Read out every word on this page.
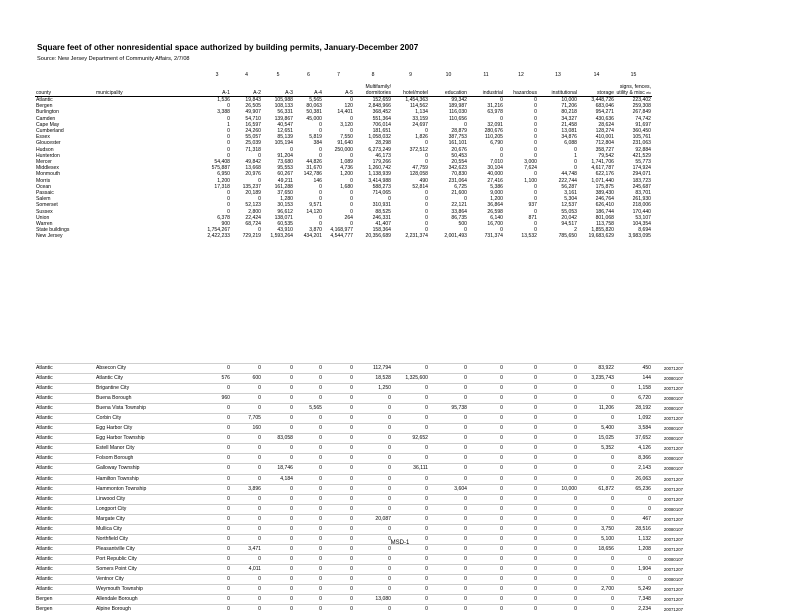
Square feet of other nonresidential space authorized by building permits, January-December 2007
Source: New Jersey Department of Community Affairs, 2/7/08
		3	4	5	6	7	8	9	10	11	12	13	14	15
county	municipality	A-1	A-2	A-3	A-4	A-5	Multifamily/ dormitories	hotel/motel	education	industrial	hazardous	institutional	storage	signs, fences, utility & misc etc
Atlantic		1,536	19,843	105,988	5,565	0	152,659	1,454,363	99,342	0	0	10,000	3,448,726	223,402
Bergen		0	26,505	108,133	80,063	120	2,848,966	114,562	189,987	31,216	0	71,206	683,046	259,308
Burlington		3,388	49,907	56,331	50,381	14,401	368,452	1,134	116,030	63,978	0	80,218	954,271	267,849
Camden		0	54,710	139,867	45,000	0	551,364	33,159	110,656	0	0	34,327	430,636	74,742
Cape May		1	16,597	40,547	0	3,120	706,014	24,697	0	32,091	0	21,458	28,624	91,697
Cumberland		0	24,260	12,651	0	0	181,651	0	28,879	280,676	0	13,081	128,274	360,450
Essex		0	55,057	85,139	5,819	7,550	1,058,032	1,826	387,753	110,205	0	34,876	410,001	105,761
Gloucester		0	25,039	105,194	384	91,640	28,298	0	161,101	6,790	0	6,088	712,804	231,063
Hudson		0	71,318	0	0	250,000	6,273,249	372,512	20,676	0	0	0	358,727	92,884
Hunterdon		0	0	91,204	0	0	46,173	0	50,453	0	0	1	79,542	421,529
Mercer		54,408	49,842	73,680	44,826	1,089	179,266	0	20,554	7,010	3,000	0	1,741,706	55,773
Middlesex		575,887	13,668	95,553	31,670	4,736	1,260,742	47,759	342,623	30,104	7,624	0	4,617,787	174,924
Monmouth		6,950	20,976	60,267	142,786	1,200	1,138,939	128,058	70,830	40,000	0	44,748	622,176	294,071
Morris		1,200	0	49,211	146	0	3,414,988	490	231,064	27,416	1,100	222,744	1,071,440	183,723
Ocean		17,318	135,237	161,288	0	1,680	588,273	52,814	6,725	5,386	0	56,287	175,875	245,687
Passaic		0	20,189	37,650	0	0	714,065	0	21,600	9,000	0	3,161	389,430	83,701
Salem		0	0	1,280	0	0	0	0	0	1,200	0	5,304	246,764	261,930
Somerset		0	52,123	30,153	9,571	0	310,931	0	22,121	36,864	937	12,537	626,410	218,006
Sussex		0	2,800	96,612	14,120	0	88,525	0	33,864	26,598	0	55,053	186,744	170,440
Union		6,378	22,424	138,071	0	264	246,331	0	86,735	6,140	871	20,042	801,068	53,107
Warren		900	68,724	60,535	0	0	41,407	0	500	16,700	0	94,517	113,758	104,354
State buildings		1,754,267	0	43,910	3,870	4,168,977	158,364	0	0	0	0	2	1,855,820	8,694
New Jersey		2,422,233	729,219	1,593,264	434,201	4,544,777	20,356,689	2,231,374	2,001,493	731,374	13,532	785,650	19,683,629	3,983,095
Atlantic	Absecon City	0	0	0	0	0	112,794	0	0	0	0	0	83,922	450	20071207
Atlantic	Atlantic City	576	600	0	0	0	18,528	1,325,600	0	0	0	0	3,235,743	144	20080107
Atlantic	Brigantine City	0	0	0	0	0	1,250	0	0	0	0	0	0	1,158	20071207
Atlantic	Buena Borough	960	0	0	0	0	0	0	0	0	0	0	0	6,720	20080107
Atlantic	Buena Vista Township	0	0	0	5,565	0	0	0	95,738	0	0	0	11,206	28,192	20080107
Atlantic	Corbin City	0	7,705	0	0	0	0	0	0	0	0	0	0	1,092	20071207
Atlantic	Egg Harbor City	0	160	0	0	0	0	0	0	0	0	0	5,400	3,584	20080107
Atlantic	Egg Harbor Township	0	0	83,058	0	0	0	92,652	0	0	0	0	15,025	37,652	20080107
Atlantic	Estell Manor City	0	0	0	0	0	0	0	0	0	0	0	5,352	4,126	20071207
Atlantic	Folsom Borough	0	0	0	0	0	0	0	0	0	0	0	0	8,366	20080107
Atlantic	Galloway Township	0	0	18,746	0	0	0	36,111	0	0	0	0	0	2,143	20080107
Atlantic	Hamilton Township	0	0	4,184	0	0	0	0	0	0	0	0	0	26,063	20071207
Atlantic	Hammonton Township	0	3,896	0	0	0	0	0	3,604	0	0	10,000	61,872	65,236	20071207
Atlantic	Linwood City	0	0	0	0	0	0	0	0	0	0	0	0	0	20071207
Atlantic	Longport City	0	0	0	0	0	0	0	0	0	0	0	0	0	20080107
Atlantic	Margate City	0	0	0	0	0	20,087	0	0	0	0	0	0	467	20071207
Atlantic	Mullica City	0	0	0	0	0	0	0	0	0	0	0	3,750	28,516	20080107
Atlantic	Northfield City	0	0	0	0	0	0	0	0	0	0	0	5,100	1,132	20071207
Atlantic	Pleasantville City	0	3,471	0	0	0	0	0	0	0	0	0	18,656	1,208	20071207
Atlantic	Port Republic City	0	0	0	0	0	0	0	0	0	0	0	0	0	20080107
Atlantic	Somers Point City	0	4,011	0	0	0	0	0	0	0	0	0	0	1,904	20071207
Atlantic	Ventnor City	0	0	0	0	0	0	0	0	0	0	0	0	0	20080107
Atlantic	Weymouth Township	0	0	0	0	0	0	0	0	0	0	0	2,700	5,249	20071207
Bergen	Allendale Borough	0	0	0	0	0	13,080	0	0	0	0	0	0	7,348	20071207
Bergen	Alpine Borough	0	0	0	0	0	0	0	0	0	0	0	0	2,234	20071207
MSD-1
